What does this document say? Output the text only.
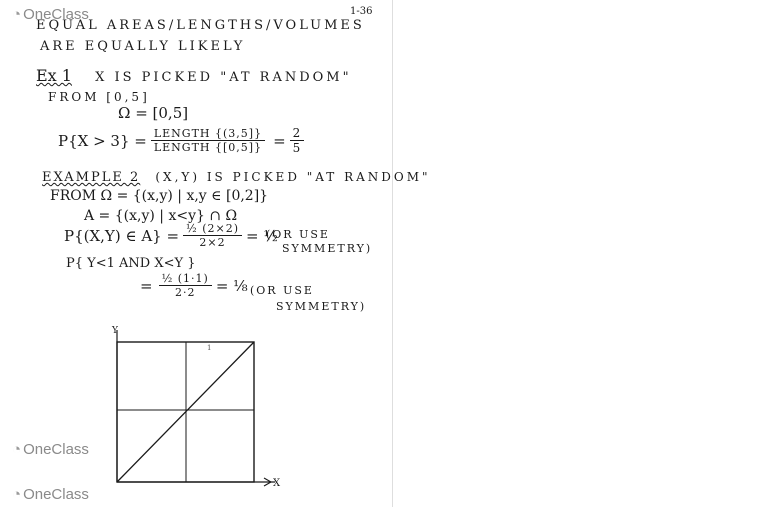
◔ OneClass	1-36
EQUAL AREAS/LENGTHS/VOLUMES
ARE EQUALLY LIKELY
Ex 1 X IS PICKED "AT RANDOM"
FROM [0,5]
Ω = [0,5]
$P\{X > 3\} = \frac{\text{LENGTH \{(3,5]\}}}{\text{LENGTH \{[0,5]\}}} = \frac{2}{5}$
EXAMPLE 2 (X,Y) IS PICKED "AT RANDOM"
FROM Ω = {(x,y) | x,y ∈ [0,2]}
A = {(x,y) | x<y} ∩ Ω
P{(X,Y) ∈ $A\} = \frac{\text{½ (2×2)}}{2\times 2}$ = ½
(OR USE
SYMMETRY)
P{ Y<1 AND X<Y }
= $\frac{\text{½ (1·1)}}{2\cdot 2}$ = ⅛ (OR USE
SYMMETRY)
X
Y
1
◔ OneClass
◔ OneClass
